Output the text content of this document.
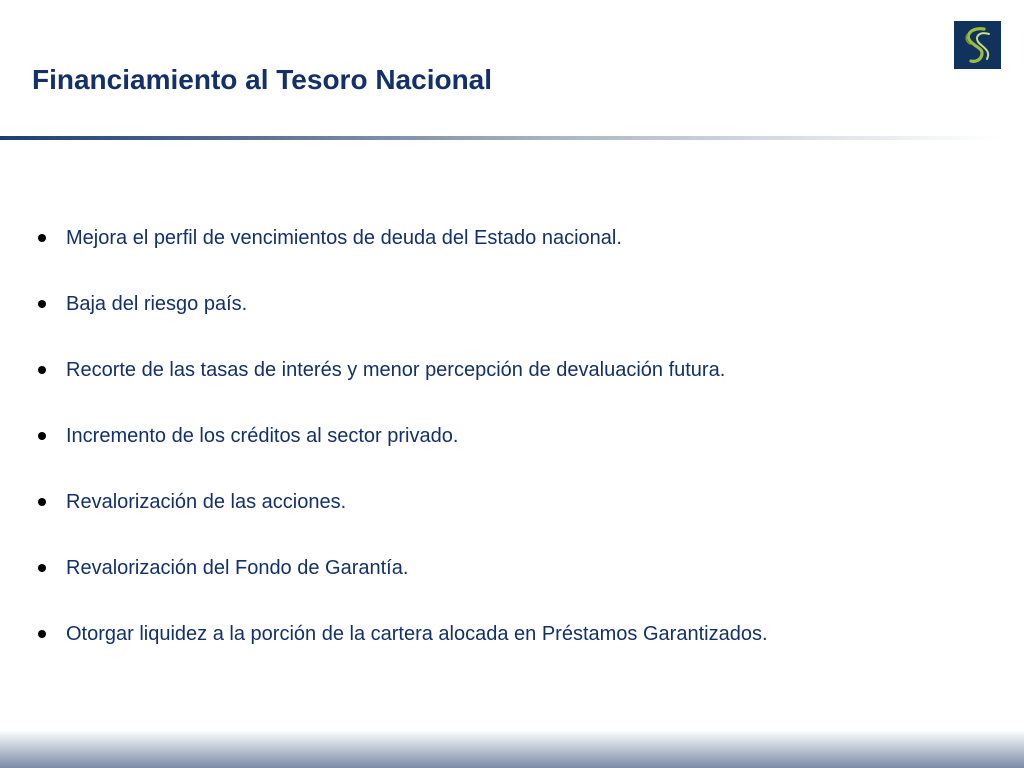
Financiamiento al Tesoro Nacional
Mejora el perfil de vencimientos de deuda del Estado nacional.
Baja del riesgo país.
Recorte de las tasas de interés y menor percepción de devaluación futura.
Incremento de los créditos al sector privado.
Revalorización de las acciones.
Revalorización del Fondo de Garantía.
Otorgar liquidez a la porción de la cartera alocada en Préstamos Garantizados.
